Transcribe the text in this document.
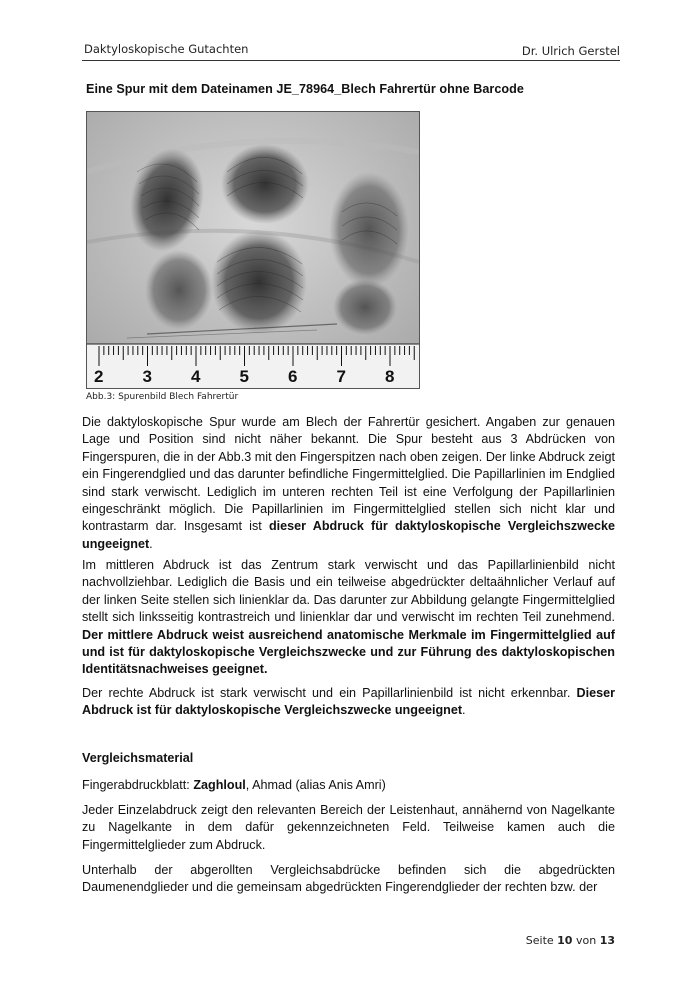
Daktyloskopische Gutachten	Dr. Ulrich Gerstel
Eine Spur mit dem Dateinamen JE_78964_Blech Fahrertür ohne Barcode
2 3 4 5 6 7 8
Abb.3: Spurenbild Blech Fahrertür
Die daktyloskopische Spur wurde am Blech der Fahrertür gesichert. Angaben zur genauen Lage und Position sind nicht näher bekannt. Die Spur besteht aus 3 Abdrücken von Fingerspuren, die in der Abb.3 mit den Fingerspitzen nach oben zeigen. Der linke Abdruck zeigt ein Fingerendglied und das darunter befindliche Fingermittelglied. Die Papillarlinien im Endglied sind stark verwischt. Lediglich im unteren rechten Teil ist eine Verfolgung der Papillarlinien eingeschränkt möglich. Die Papillarlinien im Fingermittelglied stellen sich nicht klar und kontrastarm dar. Insgesamt ist dieser Abdruck für daktyloskopische Vergleichszwecke ungeeignet.
Im mittleren Abdruck ist das Zentrum stark verwischt und das Papillarlinienbild nicht nachvollziehbar. Lediglich die Basis und ein teilweise abgedrückter deltaähnlicher Verlauf auf der linken Seite stellen sich linienklar da. Das darunter zur Abbildung gelangte Fingermittelglied stellt sich linksseitig kontrastreich und linienklar dar und verwischt im rechten Teil zunehmend. Der mittlere Abdruck weist ausreichend anatomische Merkmale im Fingermittelglied auf und ist für daktyloskopische Vergleichszwecke und zur Führung des daktyloskopischen Identitätsnachweises geeignet.
Der rechte Abdruck ist stark verwischt und ein Papillarlinienbild ist nicht erkennbar. Dieser Abdruck ist für daktyloskopische Vergleichszwecke ungeeignet.
Vergleichsmaterial
Fingerabdruckblatt: Zaghloul, Ahmad (alias Anis Amri)
Jeder Einzelabdruck zeigt den relevanten Bereich der Leistenhaut, annähernd von Nagelkante zu Nagelkante in dem dafür gekennzeichneten Feld. Teilweise kamen auch die Fingermittelglieder zum Abdruck.
Unterhalb der abgerollten Vergleichsabdrücke befinden sich die abgedrückten Daumenendglieder und die gemeinsam abgedrückten Fingerendglieder der rechten bzw. der
Seite 10 von 13
